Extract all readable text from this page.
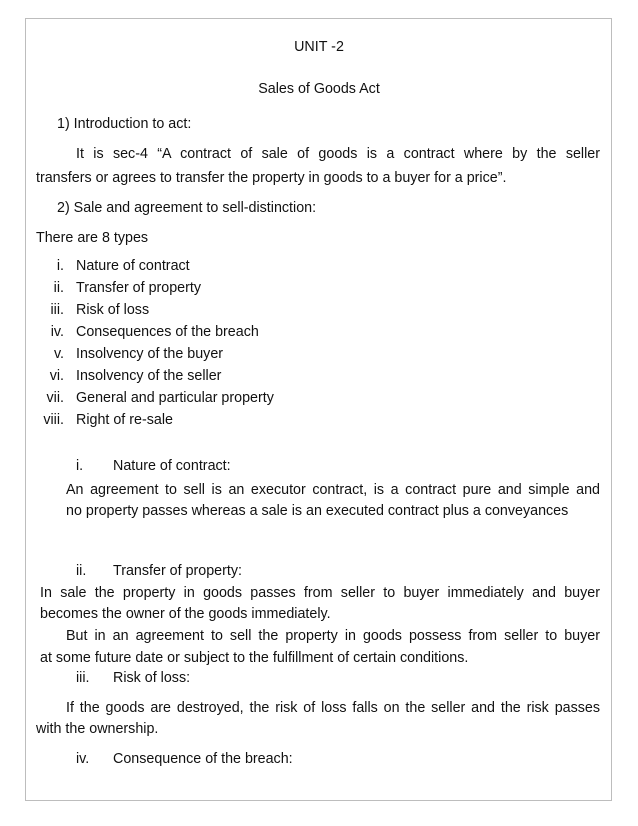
UNIT -2
Sales of Goods Act
1) Introduction to act:
It is sec-4 “A contract of sale of goods is a contract where by the seller
transfers or agrees to transfer the property in goods to a buyer for a price”.
2) Sale and agreement to sell-distinction:
There are 8 types
i. Nature of contract
ii. Transfer of property
iii. Risk of loss
iv. Consequences of the breach
v. Insolvency of the buyer
vi. Insolvency of the seller
vii. General and particular property
viii. Right of re-sale
i. Nature of contract:
An agreement to sell is an executor contract, is a contract pure and simple and
no property passes whereas a sale is an executed contract plus a conveyances
ii. Transfer of property:
In sale the property in goods passes from seller to buyer immediately and buyer
becomes the owner of the goods immediately.
But in an agreement to sell the property in goods possess from seller to buyer
at some future date or subject to the fulfillment of certain conditions.
iii. Risk of loss:
If the goods are destroyed, the risk of loss falls on the seller and the risk passes
with the ownership.
iv. Consequence of the breach:
